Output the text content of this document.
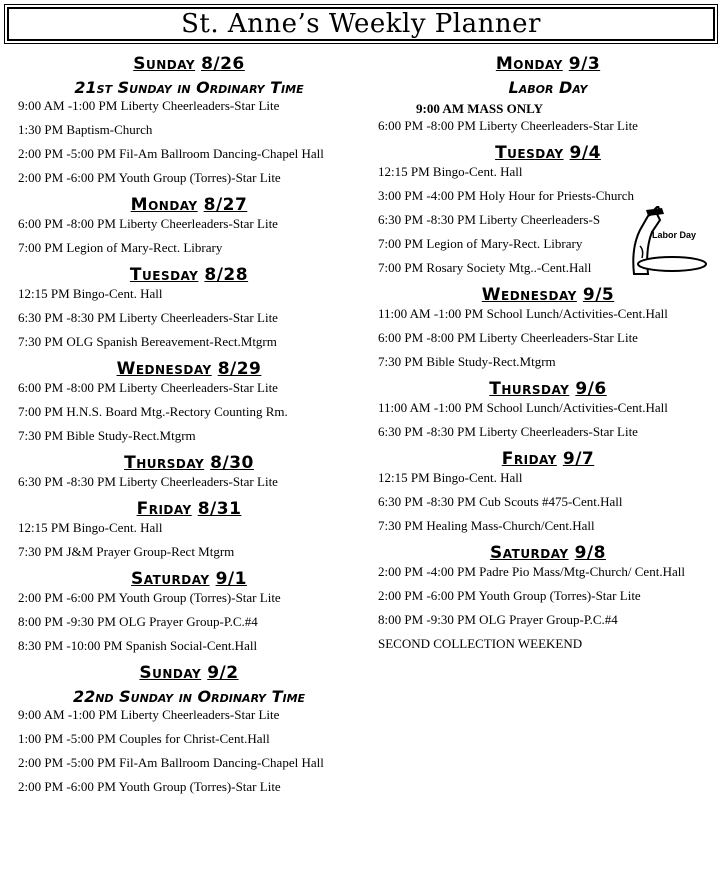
St. Anne’s Weekly Planner
Sunday 8/26
21st Sunday in Ordinary Time
9:00 AM -1:00 PM Liberty Cheerleaders-Star Lite
1:30 PM Baptism-Church
2:00 PM -5:00 PM Fil-Am Ballroom Dancing-Chapel Hall
2:00 PM -6:00 PM Youth Group (Torres)-Star Lite
Monday 8/27
6:00 PM -8:00 PM Liberty Cheerleaders-Star Lite
7:00 PM Legion of Mary-Rect. Library
Tuesday 8/28
12:15 PM Bingo-Cent. Hall
6:30 PM -8:30 PM Liberty Cheerleaders-Star Lite
7:30 PM OLG Spanish Bereavement-Rect.Mtgrm
Wednesday 8/29
6:00 PM -8:00 PM Liberty Cheerleaders-Star Lite
7:00 PM H.N.S. Board Mtg.-Rectory Counting Rm.
7:30 PM Bible Study-Rect.Mtgrm
Thursday 8/30
6:30 PM -8:30 PM Liberty Cheerleaders-Star Lite
Friday 8/31
12:15 PM Bingo-Cent. Hall
7:30 PM J&M Prayer Group-Rect Mtgrm
Saturday 9/1
2:00 PM -6:00 PM Youth Group (Torres)-Star Lite
8:00 PM -9:30 PM OLG Prayer Group-P.C.#4
8:30 PM -10:00 PM Spanish Social-Cent.Hall
Sunday 9/2
22nd Sunday in Ordinary Time
9:00 AM -1:00 PM Liberty Cheerleaders-Star Lite
1:00 PM -5:00 PM Couples for Christ-Cent.Hall
2:00 PM -5:00 PM Fil-Am Ballroom Dancing-Chapel Hall
2:00 PM -6:00 PM Youth Group (Torres)-Star Lite
Monday 9/3
Labor Day
9:00 AM MASS ONLY
6:00 PM -8:00 PM Liberty Cheerleaders-Star Lite
Tuesday 9/4
12:15 PM Bingo-Cent. Hall
3:00 PM -4:00 PM Holy Hour for Priests-Church
6:30 PM -8:30 PM Liberty Cheerleaders-S
7:00 PM Legion of Mary-Rect. Library
7:00 PM Rosary Society Mtg..-Cent.Hall
Wednesday 9/5
11:00 AM -1:00 PM School Lunch/Activities-Cent.Hall
6:00 PM -8:00 PM Liberty Cheerleaders-Star Lite
7:30 PM Bible Study-Rect.Mtgrm
Thursday 9/6
11:00 AM -1:00 PM School Lunch/Activities-Cent.Hall
6:30 PM -8:30 PM Liberty Cheerleaders-Star Lite
Friday 9/7
12:15 PM Bingo-Cent. Hall
6:30 PM -8:30 PM Cub Scouts #475-Cent.Hall
7:30 PM Healing Mass-Church/Cent.Hall
Saturday 9/8
2:00 PM -4:00 PM Padre Pio Mass/Mtg-Church/ Cent.Hall
2:00 PM -6:00 PM Youth Group (Torres)-Star Lite
8:00 PM -9:30 PM OLG Prayer Group-P.C.#4
SECOND COLLECTION WEEKEND
Labor Day
